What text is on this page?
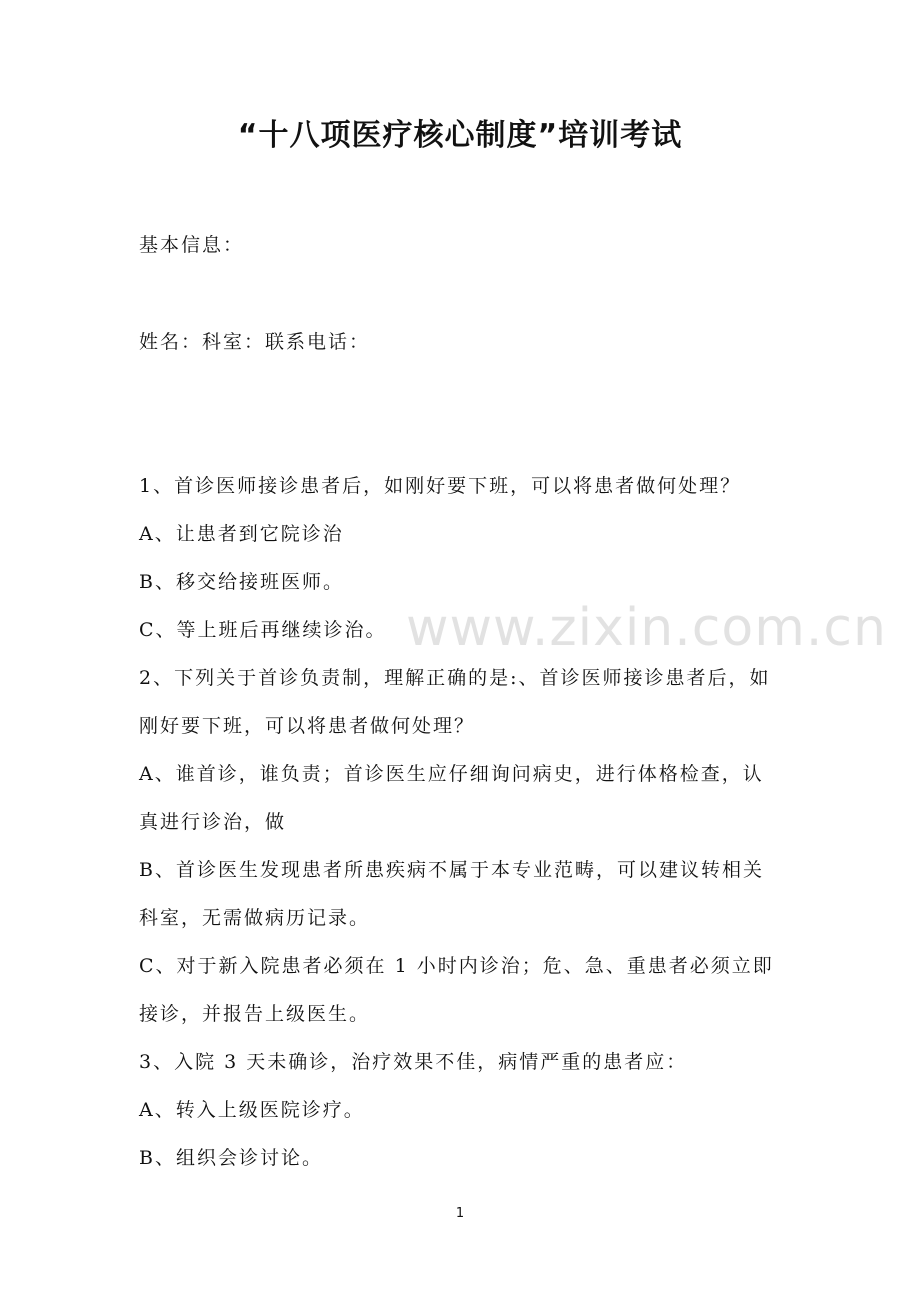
“十八项医疗核心制度”培训考试
基本信息：
姓名：科室：联系电话：
1、首诊医师接诊患者后，如刚好要下班，可以将患者做何处理？
A、让患者到它院诊治
B、移交给接班医师。
C、等上班后再继续诊治。
2、下列关于首诊负责制，理解正确的是:、首诊医师接诊患者后，如
刚好要下班，可以将患者做何处理？
A、谁首诊，谁负责；首诊医生应仔细询问病史，进行体格检查，认
真进行诊治，做
B、首诊医生发现患者所患疾病不属于本专业范畴，可以建议转相关
科室，无需做病历记录。
C、对于新入院患者必须在 1 小时内诊治；危、急、重患者必须立即
接诊，并报告上级医生。
3、入院 3 天未确诊，治疗效果不佳，病情严重的患者应：
A、转入上级医院诊疗。
B、组织会诊讨论。
www.zixin.com.cn
1
